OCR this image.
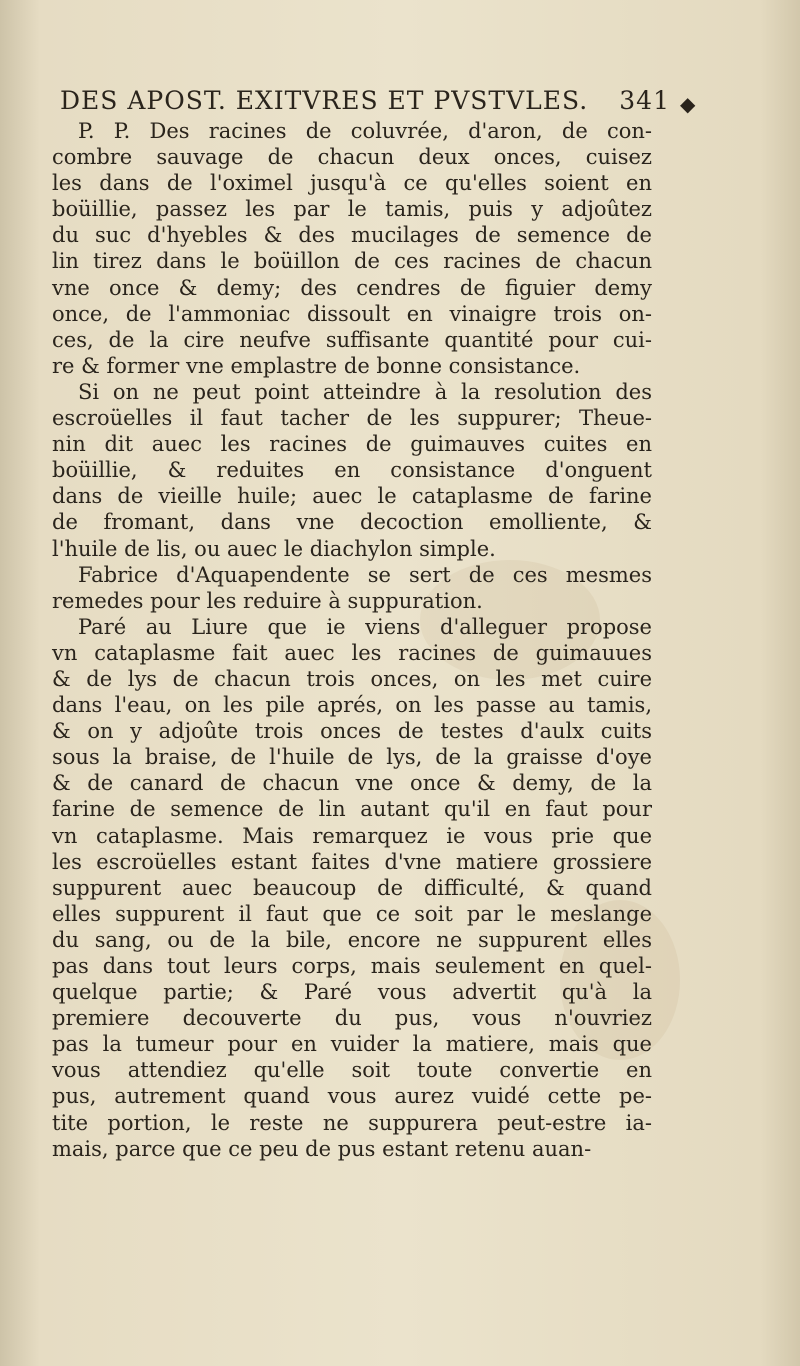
DES APOST. EXITVRES ET PVSTVLES. 341 ◆

P. P. Des racines de coluvrée, d'aron, de con-
combre sauvage de chacun deux onces, cuisez
les dans de l'oximel jusqu'à ce qu'elles soient en
boüillie, passez les par le tamis, puis y adjoûtez
du suc d'hyebles & des mucilages de semence de
lin tirez dans le boüillon de ces racines de chacun
vne once & demy; des cendres de figuier demy
once, de l'ammoniac dissoult en vinaigre trois on-
ces, de la cire neufve suffisante quantité pour cui-
re & former vne emplastre de bonne consistance.

Si on ne peut point atteindre à la resolution des
escroüelles il faut tacher de les suppurer; Theue-
nin dit auec les racines de guimauves cuites en
boüillie, & reduites en consistance d'onguent
dans de vieille huile; auec le cataplasme de farine
de fromant, dans vne decoction emolliente, &
l'huile de lis, ou auec le diachylon simple.

Fabrice d'Aquapendente se sert de ces mesmes
remedes pour les reduire à suppuration.

Paré au Liure que ie viens d'alleguer propose
vn cataplasme fait auec les racines de guimauues
& de lys de chacun trois onces, on les met cuire
dans l'eau, on les pile aprés, on les passe au tamis,
& on y adjoûte trois onces de testes d'aulx cuits
sous la braise, de l'huile de lys, de la graisse d'oye
& de canard de chacun vne once & demy, de la
farine de semence de lin autant qu'il en faut pour
vn cataplasme. Mais remarquez ie vous prie que
les escroüelles estant faites d'vne matiere grossiere
suppurent auec beaucoup de difficulté, & quand
elles suppurent il faut que ce soit par le meslange
du sang, ou de la bile, encore ne suppurent elles
pas dans tout leurs corps, mais seulement en quel-
quelque partie; & Paré vous advertit qu'à la
premiere decouverte du pus, vous n'ouvriez
pas la tumeur pour en vuider la matiere, mais que
vous attendiez qu'elle soit toute convertie en
pus, autrement quand vous aurez vuidé cette pe-
tite portion, le reste ne suppurera peut-estre ia-
mais, parce que ce peu de pus estant retenu auan-
